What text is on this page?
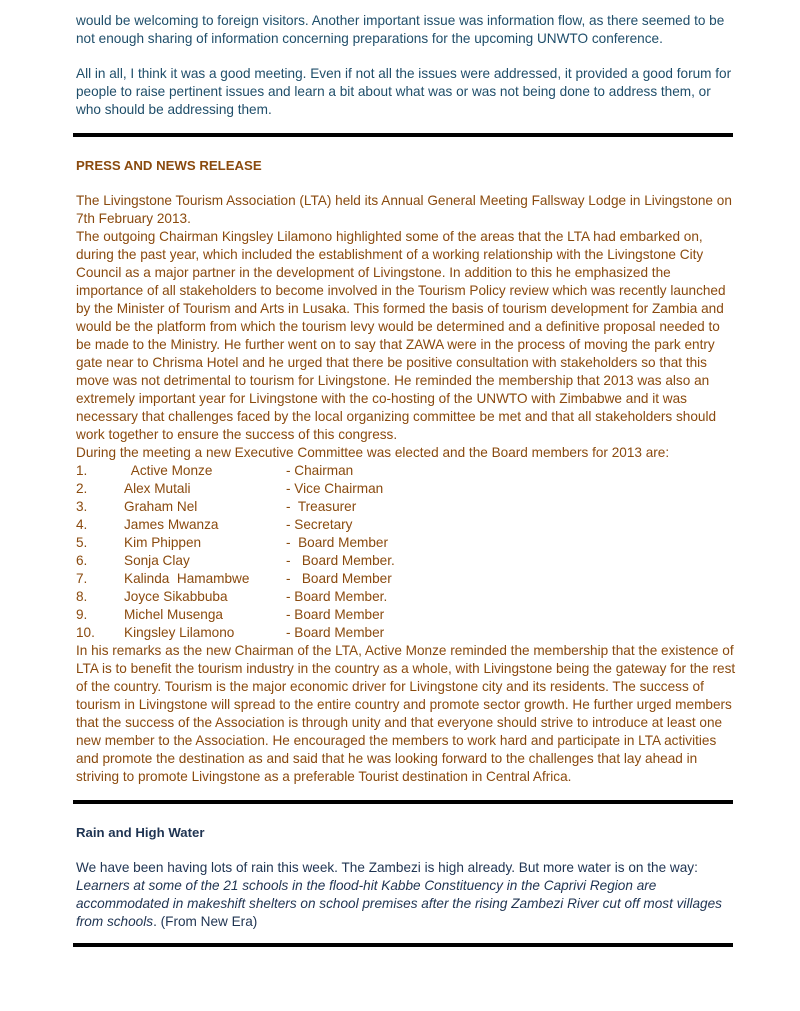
would be welcoming to foreign visitors. Another important issue was information flow, as there seemed to be not enough sharing of information concerning preparations for the upcoming UNWTO conference.

All in all, I think it was a good meeting. Even if not all the issues were addressed, it provided a good forum for people to raise pertinent issues and learn a bit about what was or was not being done to address them, or who should be addressing them.

PRESS AND NEWS RELEASE

The Livingstone Tourism Association (LTA) held its Annual General Meeting Fallsway Lodge in Livingstone on 7th February 2013.

The outgoing Chairman Kingsley Lilamono highlighted some of the areas that the LTA had embarked on, during the past year, which included the establishment of a working relationship with the Livingstone City Council as a major partner in the development of Livingstone. In addition to this he emphasized the importance of all stakeholders to become involved in the Tourism Policy review which was recently launched by the Minister of Tourism and Arts in Lusaka. This formed the basis of tourism development for Zambia and would be the platform from which the tourism levy would be determined and a definitive proposal needed to be made to the Ministry. He further went on to say that ZAWA were in the process of moving the park entry gate near to Chrisma Hotel and he urged that there be positive consultation with stakeholders so that this move was not detrimental to tourism for Livingstone. He reminded the membership that 2013 was also an extremely important year for Livingstone with the co-hosting of the UNWTO with Zimbabwe and it was necessary that challenges faced by the local organizing committee be met and that all stakeholders should work together to ensure the success of this congress.

During the meeting a new Executive Committee was elected and the Board members for 2013 are:

1.	Active Monze	- Chairman
2.	Alex Mutali	- Vice Chairman
3.	Graham Nel	-  Treasurer
4.	James Mwanza	- Secretary
5.	Kim Phippen	-  Board Member
6.	Sonja Clay	-   Board Member.
7.	Kalinda  Hamambwe	-   Board Member
8.	Joyce Sikabbuba	- Board Member.
9.	Michel Musenga	- Board Member
10.	Kingsley Lilamono	- Board Member

In his remarks as the new Chairman of the LTA, Active Monze reminded the membership that the existence of LTA is to benefit the tourism industry in the country as a whole, with Livingstone being the gateway for the rest of the country. Tourism is the major economic driver for Livingstone city and its residents. The success of tourism in Livingstone will spread to the entire country and promote sector growth. He further urged members that the success of the Association is through unity and that everyone should strive to introduce at least one new member to the Association. He encouraged the members to work hard and participate in LTA activities and promote the destination as and said that he was looking forward to the challenges that lay ahead in striving to promote Livingstone as a preferable Tourist destination in Central Africa.

Rain and High Water

We have been having lots of rain this week. The Zambezi is high already. But more water is on the way:
Learners at some of the 21 schools in the flood-hit Kabbe Constituency in the Caprivi Region are accommodated in makeshift shelters on school premises after the rising Zambezi River cut off most villages from schools. (From New Era)
